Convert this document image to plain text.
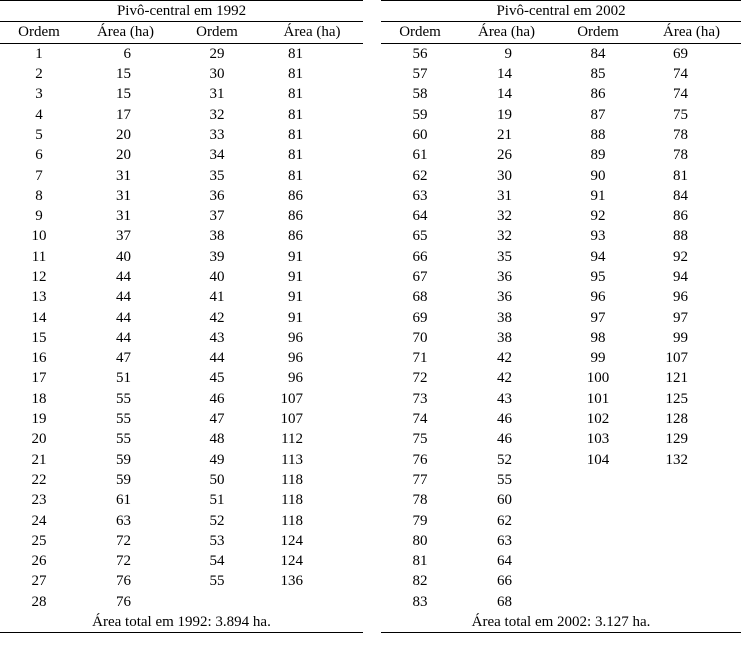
Pivô-central em 1992					Pivô-central em 2002			
Ordem	Área (ha)	Ordem	Área (ha)		Ordem	Área (ha)	Ordem	Área (ha)
1	6	29	81		56	9	84	69
2	15	30	81		57	14	85	74
3	15	31	81		58	14	86	74
4	17	32	81		59	19	87	75
5	20	33	81		60	21	88	78
6	20	34	81		61	26	89	78
7	31	35	81		62	30	90	81
8	31	36	86		63	31	91	84
9	31	37	86		64	32	92	86
10	37	38	86		65	32	93	88
11	40	39	91		66	35	94	92
12	44	40	91		67	36	95	94
13	44	41	91		68	36	96	96
14	44	42	91		69	38	97	97
15	44	43	96		70	38	98	99
16	47	44	96		71	42	99	107
17	51	45	96		72	42	100	121
18	55	46	107		73	43	101	125
19	55	47	107		74	46	102	128
20	55	48	112		75	46	103	129
21	59	49	113		76	52	104	132
22	59	50	118		77	55		
23	61	51	118		78	60		
24	63	52	118		79	62		
25	72	53	124		80	63		
26	72	54	124		81	64		
27	76	55	136		82	66		
28	76				83	68		
Área total em 1992: 3.894 ha.					Área total em 2002: 3.127 ha.			
